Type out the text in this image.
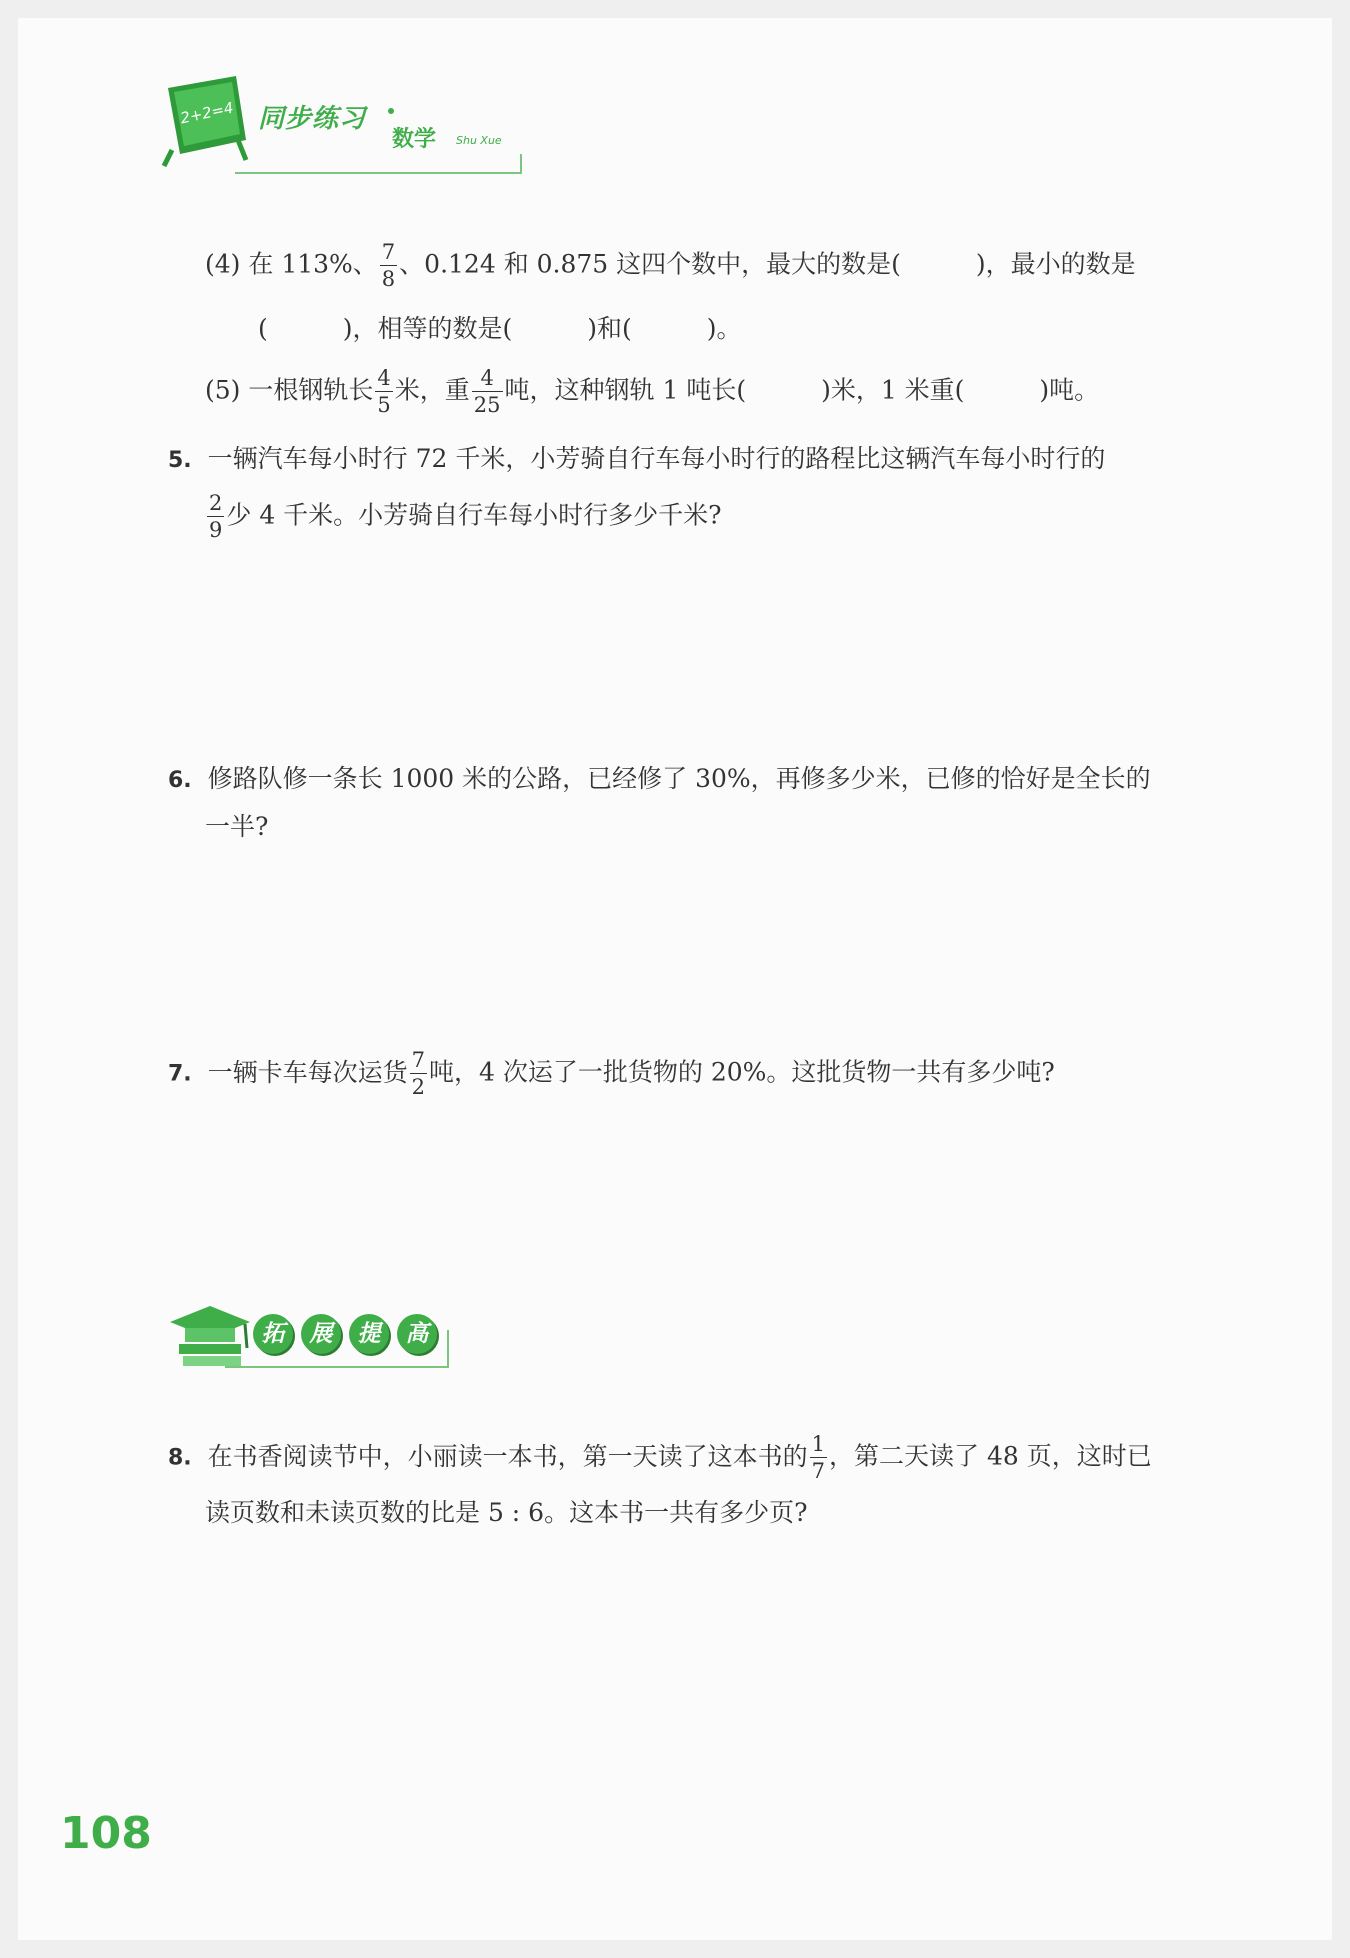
2+2=4 同步练习
数学 Shu Xue
(4) 在 113%、 $\frac{7}{8}$ 、0.124 和 0.875 这四个数中，最大的数是(　　　)，最小的数是
(　　　)，相等的数是(　　　)和(　　　)。
(5) 一根钢轨长 $\frac{4}{5}$ 米，重 $\frac{4}{25}$ 吨，这种钢轨 1 吨长(　　　)米，1 米重(　　　)吨。
5. 一辆汽车每小时行 72 千米，小芳骑自行车每小时行的路程比这辆汽车每小时行的
$\frac{2}{9}$ 少 4 千米。小芳骑自行车每小时行多少千米?
6. 修路队修一条长 1000 米的公路，已经修了 30%，再修多少米，已修的恰好是全长的
一半?
7. 一辆卡车每次运货 $\frac{7}{2}$ 吨，4 次运了一批货物的 20%。这批货物一共有多少吨?
拓	展	提	高
8. 在书香阅读节中，小丽读一本书，第一天读了这本书的 $\frac{1}{7}$ ，第二天读了 48 页，这时已
读页数和未读页数的比是 5 : 6。这本书一共有多少页?
108
